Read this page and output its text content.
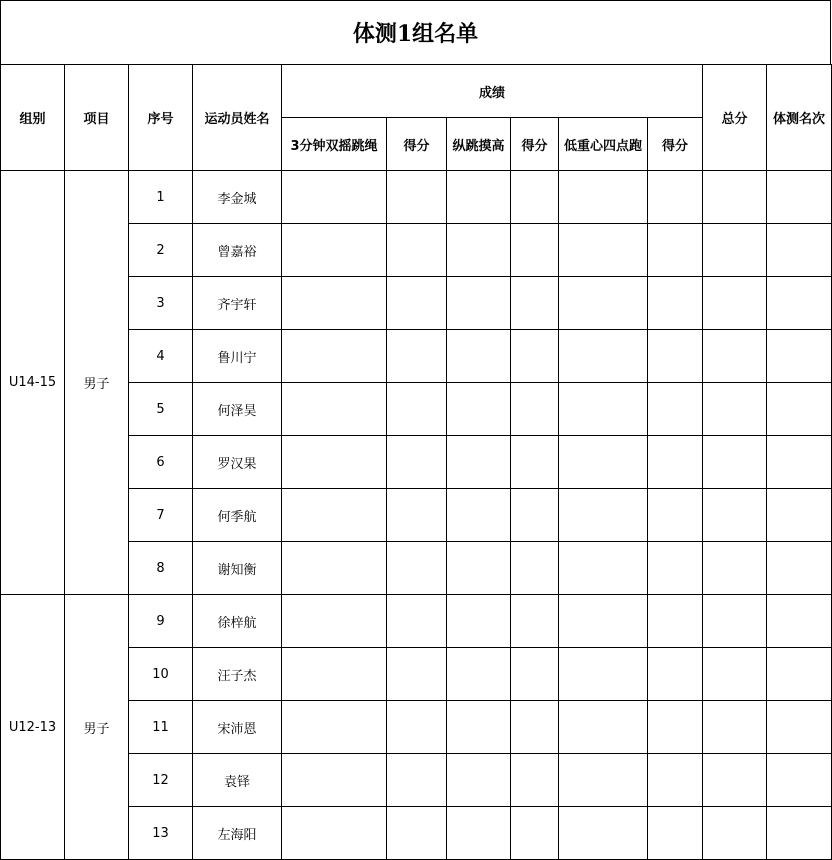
体测1组名单
组别	项目	序号	运动员姓名	成绩						总分	体测名次
				3分钟双摇跳绳	得分	纵跳摸高	得分	低重心四点跑	得分		
U14-15	男子	1	李金城								
		2	曾嘉裕								
		3	齐宇轩								
		4	鲁川宁								
		5	何泽昊								
		6	罗汉果								
		7	何季航								
		8	谢知衡								
U12-13	男子	9	徐梓航								
		10	汪子杰								
		11	宋沛恩								
		12	袁铎								
		13	左海阳								
